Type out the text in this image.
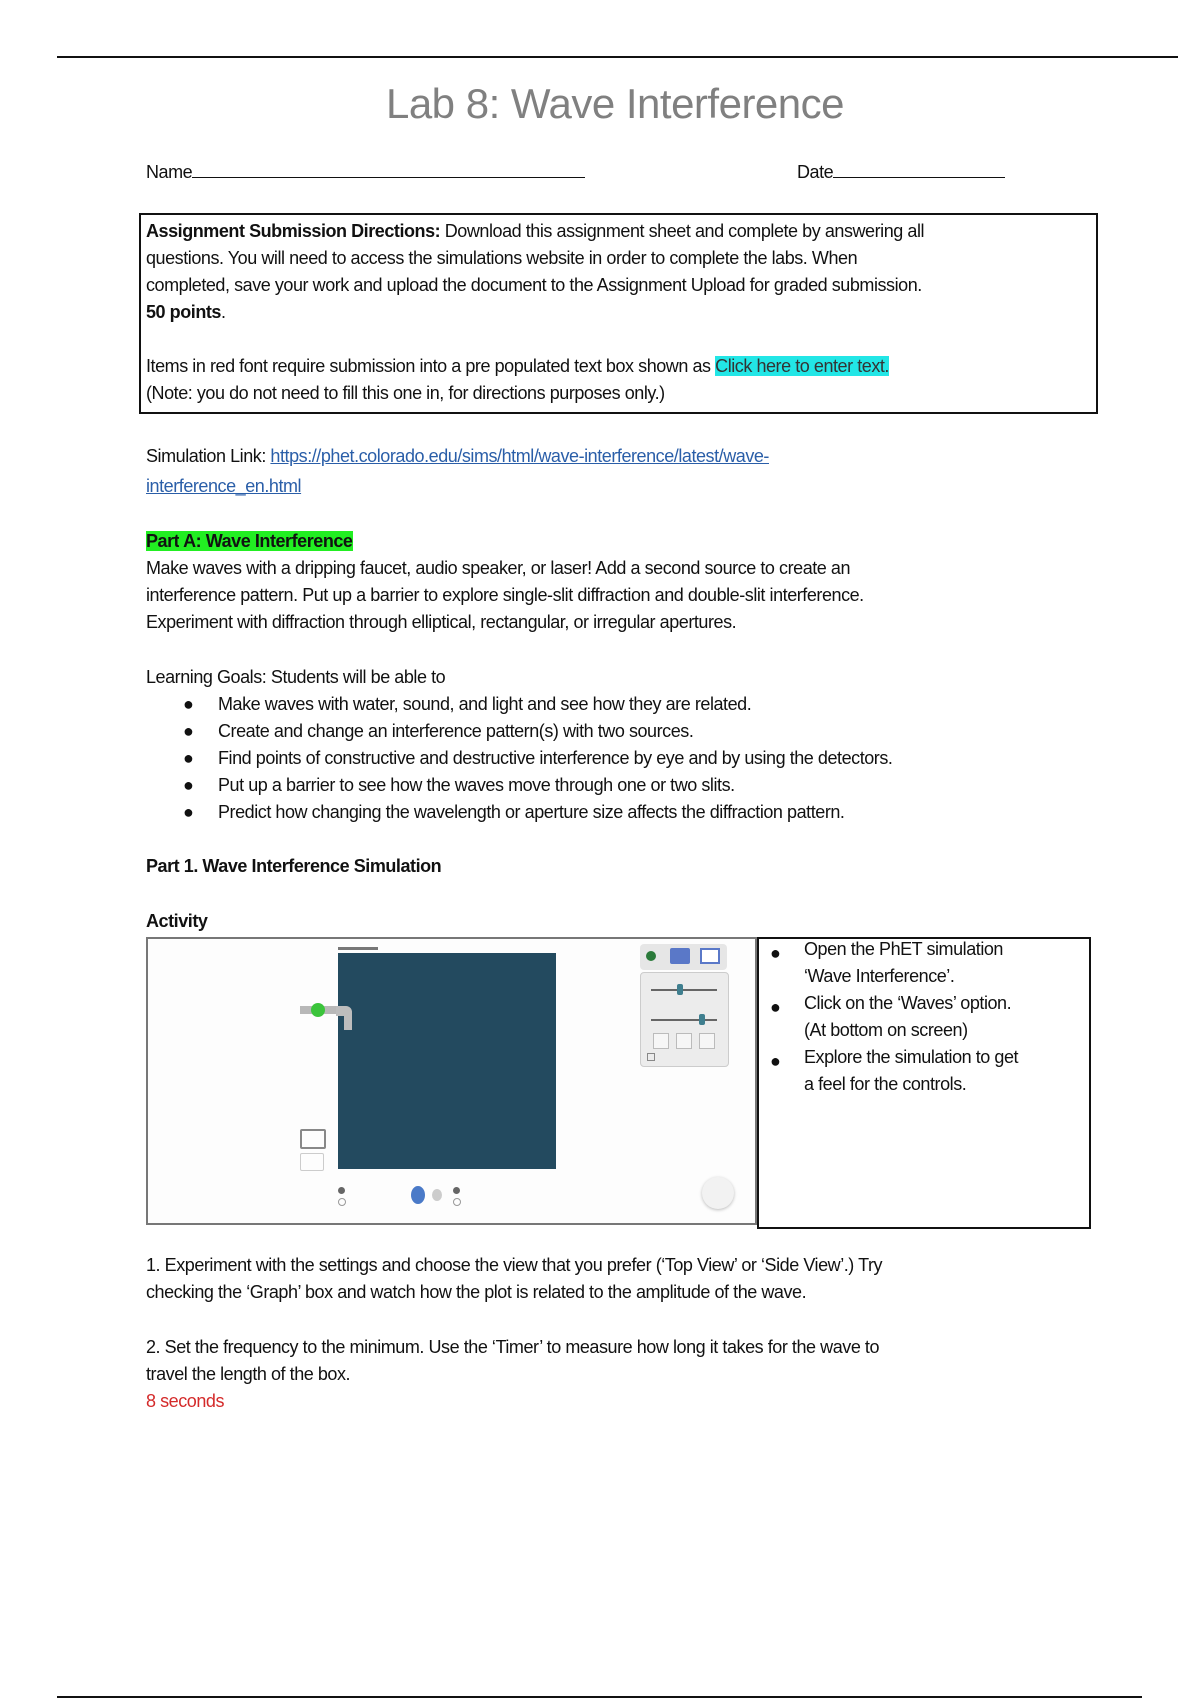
Lab 8: Wave Interference
Name	Date
Assignment Submission Directions: Download this assignment sheet and complete by answering all
questions. You will need to access the simulations website in order to complete the labs. When
completed, save your work and upload the document to the Assignment Upload for graded submission.
50 points.
Items in red font require submission into a pre populated text box shown as Click here to enter text.
(Note: you do not need to fill this one in, for directions purposes only.)
Simulation Link: https://phet.colorado.edu/sims/html/wave-interference/latest/wave-
interference_en.html
Part A: Wave Interference
Make waves with a dripping faucet, audio speaker, or laser! Add a second source to create an
interference pattern. Put up a barrier to explore single-slit diffraction and double-slit interference.
Experiment with diffraction through elliptical, rectangular, or irregular apertures.
Learning Goals: Students will be able to
● Make waves with water, sound, and light and see how they are related.
● Create and change an interference pattern(s) with two sources.
● Find points of constructive and destructive interference by eye and by using the detectors.
● Put up a barrier to see how the waves move through one or two slits.
● Predict how changing the wavelength or aperture size affects the diffraction pattern.
Part 1. Wave Interference Simulation
Activity
● Open the PhET simulation
‘Wave Interference’.
● Click on the ‘Waves’ option.
(At bottom on screen)
● Explore the simulation to get
a feel for the controls.
1. Experiment with the settings and choose the view that you prefer (‘Top View’ or ‘Side View’.) Try
checking the ‘Graph’ box and watch how the plot is related to the amplitude of the wave.
2. Set the frequency to the minimum. Use the ‘Timer’ to measure how long it takes for the wave to
travel the length of the box.
8 seconds
